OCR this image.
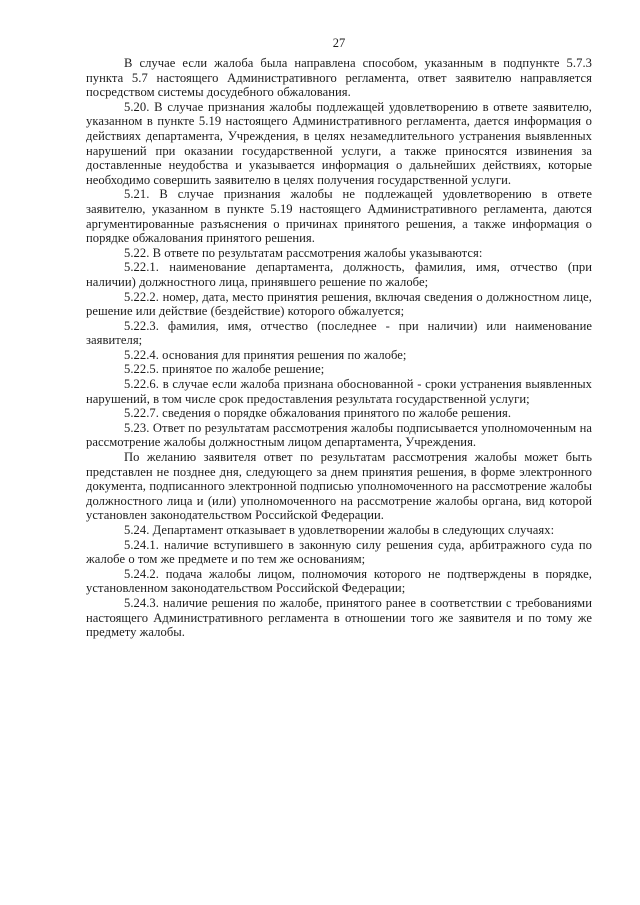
27

В случае если жалоба была направлена способом, указанным в подпункте 5.7.3 пункта 5.7 настоящего Административного регламента, ответ заявителю направляется посредством системы досудебного обжалования.

5.20. В случае признания жалобы подлежащей удовлетворению в ответе заявителю, указанном в пункте 5.19 настоящего Административного регламента, дается информация о действиях департамента, Учреждения, в целях незамедлительного устранения выявленных нарушений при оказании государственной услуги, а также приносятся извинения за доставленные неудобства и указывается информация о дальнейших действиях, которые необходимо совершить заявителю в целях получения государственной услуги.

5.21. В случае признания жалобы не подлежащей удовлетворению в ответе заявителю, указанном в пункте 5.19 настоящего Административного регламента, даются аргументированные разъяснения о причинах принятого решения, а также информация о порядке обжалования принятого решения.

5.22. В ответе по результатам рассмотрения жалобы указываются:

5.22.1. наименование департамента, должность, фамилия, имя, отчество (при наличии) должностного лица, принявшего решение по жалобе;

5.22.2. номер, дата, место принятия решения, включая сведения о должностном лице, решение или действие (бездействие) которого обжалуется;

5.22.3. фамилия, имя, отчество (последнее - при наличии) или наименование заявителя;

5.22.4. основания для принятия решения по жалобе;

5.22.5. принятое по жалобе решение;

5.22.6. в случае если жалоба признана обоснованной - сроки устранения выявленных нарушений, в том числе срок предоставления результата государственной услуги;

5.22.7. сведения о порядке обжалования принятого по жалобе решения.

5.23. Ответ по результатам рассмотрения жалобы подписывается уполномоченным на рассмотрение жалобы должностным лицом департамента, Учреждения.

По желанию заявителя ответ по результатам рассмотрения жалобы может быть представлен не позднее дня, следующего за днем принятия решения, в форме электронного документа, подписанного электронной подписью уполномоченного на рассмотрение жалобы должностного лица и (или) уполномоченного на рассмотрение жалобы органа, вид которой установлен законодательством Российской Федерации.

5.24. Департамент отказывает в удовлетворении жалобы в следующих случаях:

5.24.1. наличие вступившего в законную силу решения суда, арбитражного суда по жалобе о том же предмете и по тем же основаниям;

5.24.2. подача жалобы лицом, полномочия которого не подтверждены в порядке, установленном законодательством Российской Федерации;

5.24.3. наличие решения по жалобе, принятого ранее в соответствии с требованиями настоящего Административного регламента в отношении того же заявителя и по тому же предмету жалобы.
